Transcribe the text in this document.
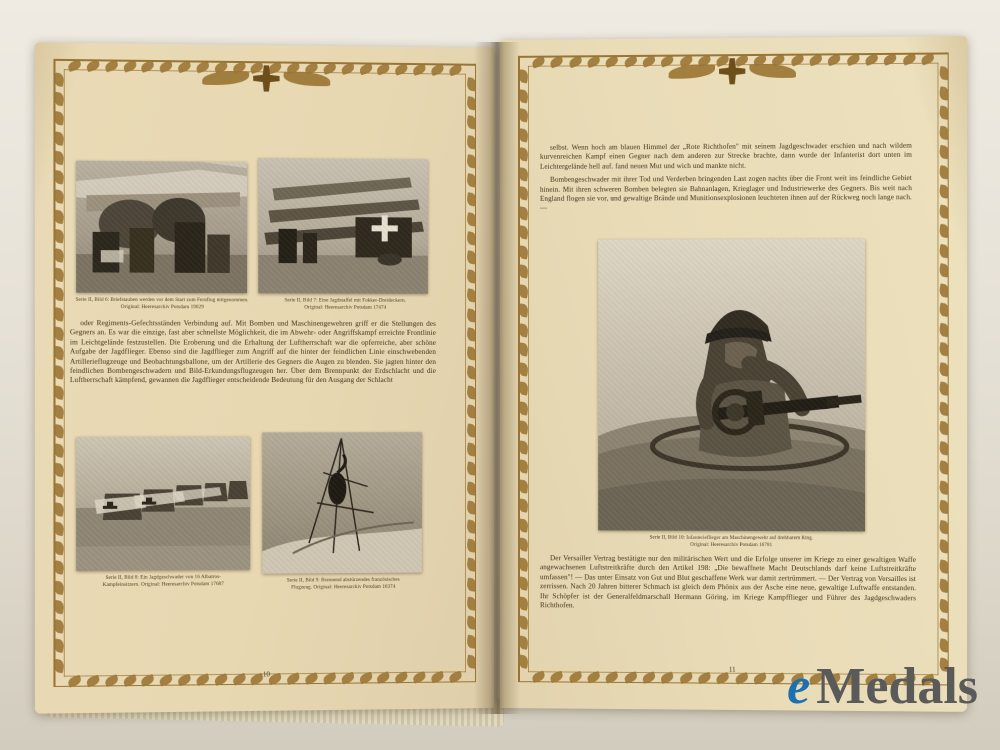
Serie II, Bild 6: Briefstauben werden vor dem Start zum Fernflug mitgenommen.
Original: Heeresarchiv Potsdam 19029
Serie II, Bild 7: Eine Jagdstaffel mit Fokker-Dreideckern.
Original: Heeresarchiv Potsdam 17474

oder Regiments-Gefechtsständen Verbindung auf. Mit Bomben und Maschinengewehren griff er die Stellungen des Gegners an. Es war die einzige, fast aber schnellste Möglichkeit, die im Abwehr- oder Angriffskampf erreichte Frontlinie im Leichtgelände festzustellen. Die Eroberung und die Erhaltung der Luftherrschaft war die opferreiche, aber schöne Aufgabe der Jagdflieger. Ebenso sind die Jagdflieger zum Angriff auf die hinter der feindlichen Linie einschwebenden Artillerieflugzeuge und Beobachtungsballone, um der Artillerie des Gegners die Augen zu blenden. Sie jagten hinter den feindlichen Bombengeschwadern und Bild-Erkundungsflugzeugen her. Über dem Brennpunkt der Erdschlacht und die Luftherrschaft kämpfend, gewannen die Jagdflieger entscheidende Bedeutung für den Ausgang der Schlacht

Serie II, Bild 8: Ein Jagdgeschwader von 16 Albatros-
Kampfeinsitzern. Original: Heeresarchiv Potsdam 17687
Serie II, Bild 9: Brennend abstürzendes französisches
Flugzeug. Original: Heeresarchiv Potsdam 16374
10

selbst. Wenn hoch am blauen Himmel der „Rote Richthofen" mit seinem Jagdgeschwader erschien und nach wildem kurvenreichen Kampf einen Gegner nach dem anderen zur Strecke brachte, dann wurde der Infanterist dort unten im Leichtergelände hell auf, fand neuen Mut und wich und mankte nicht.

Bombengeschwader mit ihrer Tod und Verderben bringenden Last zogen nachts über die Front weit ins feindliche Gebiet hinein. Mit ihren schweren Bomben belegten sie Bahnanlagen, Krieglager und Industriewerke des Gegners. Bis weit nach England flogen sie vor, und gewaltige Brände und Munitionsexplosionen leuchteten ihnen auf der Rückweg noch lange nach. —

Serie II, Bild 10: Infanterieflieger am Maschinengewehr auf drehbarem Ring.
Original: Heeresarchiv Potsdam 16781

Der Versailler Vertrag bestätigte nur den militärischen Wert und die Erfolge unserer im Kriege zu einer gewaltigen Waffe angewachsenen Luftstreitkräfte durch den Artikel 198: „Die bewaffnete Macht Deutschlands darf keine Luftstreitkräfte umfassen"! — Das unter Einsatz von Gut und Blut geschaffene Werk war damit zertrümmert. — Der Vertrag von Versailles ist zerrissen. Nach 20 Jahren bitterer Schmach ist gleich dem Phönix aus der Asche eine neue, gewaltige Luftwaffe entstanden. Ihr Schöpfer ist der Generalfeldmarschall Hermann Göring, im Kriege Kampfflieger und Führer des Jagdgeschwaders Richthofen.

11 e Medals
